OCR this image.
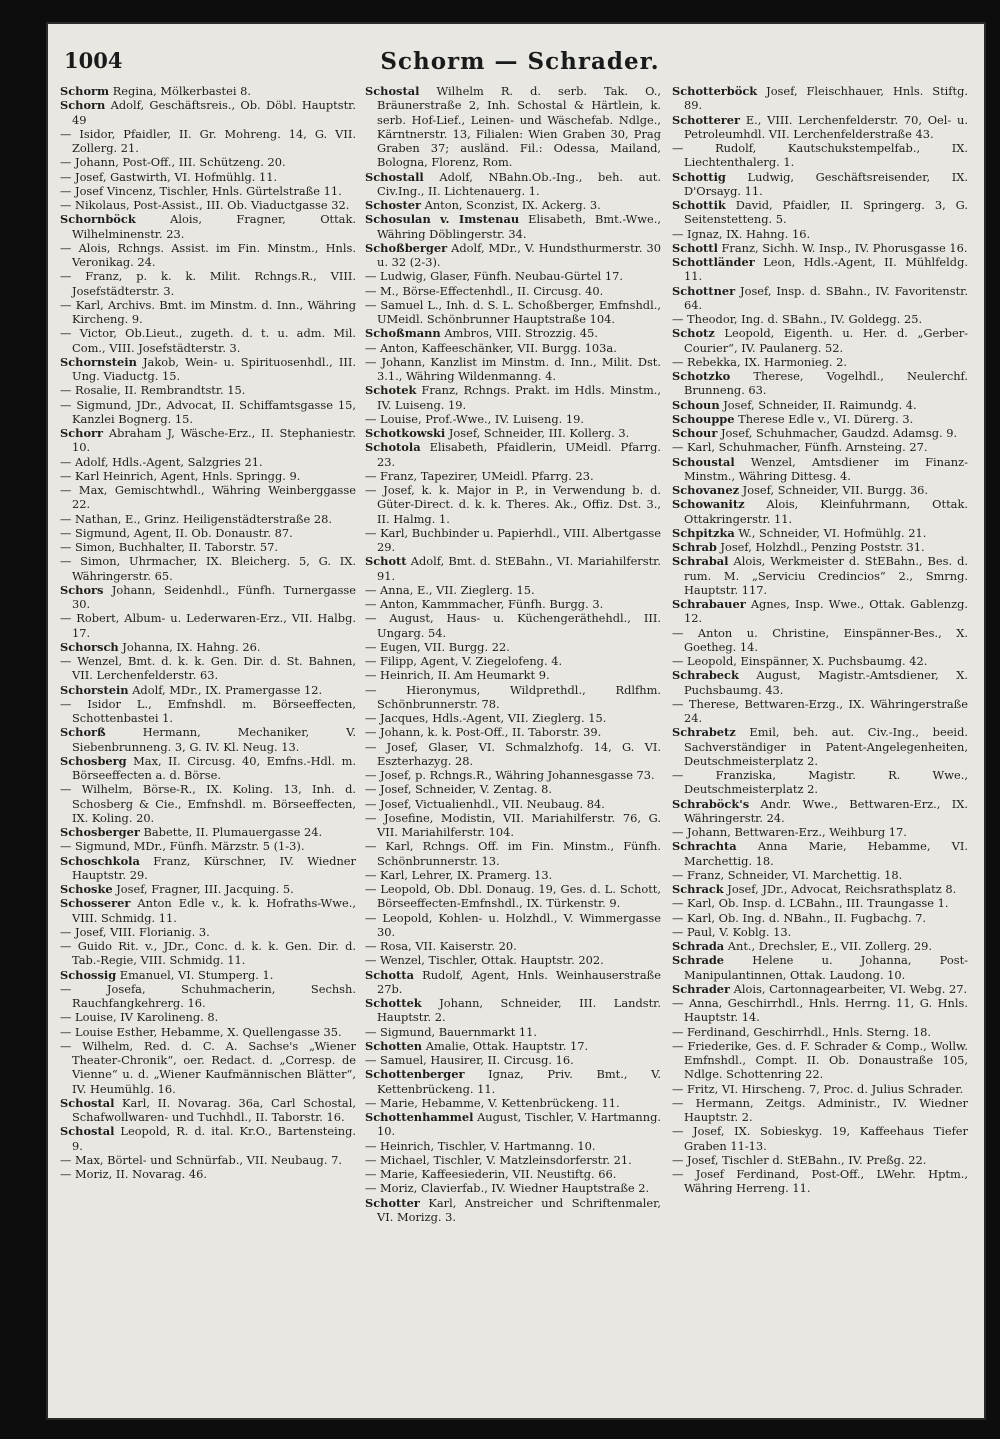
1004	Schorm — Schrader.
Schorm Regina, Mölkerbastei 8.
Schorn Adolf, Geschäftsreis., Ob. Döbl. Hauptstr. 49
— Isidor, Pfaidler, II. Gr. Mohreng. 14, G. VII. Zollerg. 21.
— Johann, Post-Off., III. Schützeng. 20.
— Josef, Gastwirth, VI. Hofmühlg. 11.
— Josef Vincenz, Tischler, Hnls. Gürtelstraße 11.
— Nikolaus, Post-Assist., III. Ob. Viaductgasse 32.
Schornböck Alois, Fragner, Ottak. Wilhelminenstr. 23.
— Alois, Rchngs. Assist. im Fin. Minstm., Hnls. Veronikag. 24.
— Franz, p. k. k. Milit. Rchngs.R., VIII. Josefstädterstr. 3.
— Karl, Archivs. Bmt. im Minstm. d. Inn., Währing Kircheng. 9.
— Victor, Ob.Lieut., zugeth. d. t. u. adm. Mil. Com., VIII. Josefstädterstr. 3.
Schornstein Jakob, Wein- u. Spirituosenhdl., III. Ung. Viaductg. 15.
— Rosalie, II. Rembrandtstr. 15.
— Sigmund, JDr., Advocat, II. Schiffamtsgasse 15, Kanzlei Bognerg. 15.
Schorr Abraham J, Wäsche-Erz., II. Stephaniestr. 10.
— Adolf, Hdls.-Agent, Salzgries 21.
— Karl Heinrich, Agent, Hnls. Springg. 9.
— Max, Gemischtwhdl., Währing Weinberggasse 22.
— Nathan, E., Grinz. Heiligenstädterstraße 28.
— Sigmund, Agent, II. Ob. Donaustr. 87.
— Simon, Buchhalter, II. Taborstr. 57.
— Simon, Uhrmacher, IX. Bleicherg. 5, G. IX. Währingerstr. 65.
Schors Johann, Seidenhdl., Fünfh. Turnergasse 30.
— Robert, Album- u. Lederwaren-Erz., VII. Halbg. 17.
Schorsch Johanna, IX. Hahng. 26.
— Wenzel, Bmt. d. k. k. Gen. Dir. d. St. Bahnen, VII. Lerchenfelderstr. 63.
Schorstein Adolf, MDr., IX. Pramergasse 12.
— Isidor L., Emfnshdl. m. Börseeffecten, Schottenbastei 1.
Schorß Hermann, Mechaniker, V. Siebenbrunneng. 3, G. IV. Kl. Neug. 13.
Schosberg Max, II. Circusg. 40, Emfns.-Hdl. m. Börseeffecten a. d. Börse.
— Wilhelm, Börse-R., IX. Koling. 13, Inh. d. Schosberg & Cie., Emfnshdl. m. Börseeffecten, IX. Koling. 20.
Schosberger Babette, II. Plumauergasse 24.
— Sigmund, MDr., Fünfh. Märzstr. 5 (1-3).
Schoschkola Franz, Kürschner, IV. Wiedner Hauptstr. 29.
Schoske Josef, Fragner, III. Jacquing. 5.
Schosserer Anton Edle v., k. k. Hofraths-Wwe., VIII. Schmidg. 11.
— Josef, VIII. Florianig. 3.
— Guido Rit. v., JDr., Conc. d. k. k. Gen. Dir. d. Tab.-Regie, VIII. Schmidg. 11.
Schossig Emanuel, VI. Stumperg. 1.
— Josefa, Schuhmacherin, Sechsh. Rauchfangkehrerg. 16.
— Louise, IV Karolineng. 8.
— Louise Esther, Hebamme, X. Quellengasse 35.
— Wilhelm, Red. d. C. A. Sachse's „Wiener Theater-Chronik“, oer. Redact. d. „Corresp. de Vienne“ u. d. „Wiener Kaufmännischen Blätter“, IV. Heumühlg. 16.
Schostal Karl, II. Novarag. 36a, Carl Schostal, Schafwollwaren- und Tuchhdl., II. Taborstr. 16.
Schostal Leopold, R. d. ital. Kr.O., Bartensteing. 9.
— Max, Börtel- und Schnürfab., VII. Neubaug. 7.
— Moriz, II. Novarag. 46.
Schostal Wilhelm R. d. serb. Tak. O., Bräunerstraße 2, Inh. Schostal & Härtlein, k. serb. Hof-Lief., Leinen- und Wäschefab. Ndlge., Kärntnerstr. 13, Filialen: Wien Graben 30, Prag Graben 37; ausländ. Fil.: Odessa, Mailand, Bologna, Florenz, Rom.
Schostall Adolf, NBahn.Ob.-Ing., beh. aut. Civ.Ing., II. Lichtenauerg. 1.
Schoster Anton, Sconzist, IX. Ackerg. 3.
Schosulan v. Imstenau Elisabeth, Bmt.-Wwe., Währing Döblingerstr. 34.
Schoßberger Adolf, MDr., V. Hundsthurmerstr. 30 u. 32 (2-3).
— Ludwig, Glaser, Fünfh. Neubau-Gürtel 17.
— M., Börse-Effectenhdl., II. Circusg. 40.
— Samuel L., Inh. d. S. L. Schoßberger, Emfnshdl., UMeidl. Schönbrunner Hauptstraße 104.
Schoßmann Ambros, VIII. Strozzig. 45.
— Anton, Kaffeeschänker, VII. Burgg. 103a.
— Johann, Kanzlist im Minstm. d. Inn., Milit. Dst. 3.1., Währing Wildenmanng. 4.
Schotek Franz, Rchngs. Prakt. im Hdls. Minstm., IV. Luiseng. 19.
— Louise, Prof.-Wwe., IV. Luiseng. 19.
Schotkowski Josef, Schneider, III. Kollerg. 3.
Schotola Elisabeth, Pfaidlerin, UMeidl. Pfarrg. 23.
— Franz, Tapezirer, UMeidl. Pfarrg. 23.
— Josef, k. k. Major in P., in Verwendung b. d. Güter-Direct. d. k. k. Theres. Ak., Offiz. Dst. 3., II. Halmg. 1.
— Karl, Buchbinder u. Papierhdl., VIII. Albertgasse 29.
Schott Adolf, Bmt. d. StEBahn., VI. Mariahilferstr. 91.
— Anna, E., VII. Zieglerg. 15.
— Anton, Kammmacher, Fünfh. Burgg. 3.
— August, Haus- u. Küchengeräthehdl., III. Ungarg. 54.
— Eugen, VII. Burgg. 22.
— Filipp, Agent, V. Ziegelofeng. 4.
— Heinrich, II. Am Heumarkt 9.
— Hieronymus, Wildprethdl., Rdlfhm. Schönbrunnerstr. 78.
— Jacques, Hdls.-Agent, VII. Zieglerg. 15.
— Johann, k. k. Post-Off., II. Taborstr. 39.
— Josef, Glaser, VI. Schmalzhofg. 14, G. VI. Eszterhazyg. 28.
— Josef, p. Rchngs.R., Währing Johannesgasse 73.
— Josef, Schneider, V. Zentag. 8.
— Josef, Victualienhdl., VII. Neubaug. 84.
— Josefine, Modistin, VII. Mariahilferstr. 76, G. VII. Mariahilferstr. 104.
— Karl, Rchngs. Off. im Fin. Minstm., Fünfh. Schönbrunnerstr. 13.
— Karl, Lehrer, IX. Pramerg. 13.
— Leopold, Ob. Dbl. Donaug. 19, Ges. d. L. Schott, Börseeffecten-Emfnshdl., IX. Türkenstr. 9.
— Leopold, Kohlen- u. Holzhdl., V. Wimmergasse 30.
— Rosa, VII. Kaiserstr. 20.
— Wenzel, Tischler, Ottak. Hauptstr. 202.
Schotta Rudolf, Agent, Hnls. Weinhauserstraße 27b.
Schottek Johann, Schneider, III. Landstr. Hauptstr. 2.
— Sigmund, Bauernmarkt 11.
Schotten Amalie, Ottak. Hauptstr. 17.
— Samuel, Hausirer, II. Circusg. 16.
Schottenberger Ignaz, Priv. Bmt., V. Kettenbrückeng. 11.
— Marie, Hebamme, V. Kettenbrückeng. 11.
Schottenhammel August, Tischler, V. Hartmanng. 10.
— Heinrich, Tischler, V. Hartmanng. 10.
— Michael, Tischler, V. Matzleinsdorferstr. 21.
— Marie, Kaffeesiederin, VII. Neustiftg. 66.
— Moriz, Clavierfab., IV. Wiedner Hauptstraße 2.
Schotter Karl, Anstreicher und Schriftenmaler, VI. Morizg. 3.
Schotterböck Josef, Fleischhauer, Hnls. Stiftg. 89.
Schotterer E., VIII. Lerchenfelderstr. 70, Oel- u. Petroleumhdl. VII. Lerchenfelderstraße 43.
— Rudolf, Kautschukstempelfab., IX. Liechtenthalerg. 1.
Schottig Ludwig, Geschäftsreisender, IX. D'Orsayg. 11.
Schottik David, Pfaidler, II. Springerg. 3, G. Seitenstetteng. 5.
— Ignaz, IX. Hahng. 16.
Schottl Franz, Sichh. W. Insp., IV. Phorusgasse 16.
Schottländer Leon, Hdls.-Agent, II. Mühlfeldg. 11.
Schottner Josef, Insp. d. SBahn., IV. Favoritenstr. 64.
— Theodor, Ing. d. SBahn., IV. Goldegg. 25.
Schotz Leopold, Eigenth. u. Her. d. „Gerber-Courier“, IV. Paulanerg. 52.
— Rebekka, IX. Harmonieg. 2.
Schotzko Therese, Vogelhdl., Neulerchf. Brunneng. 63.
Schoun Josef, Schneider, II. Raimundg. 4.
Schouppe Therese Edle v., VI. Dürerg. 3.
Schour Josef, Schuhmacher, Gaudzd. Adamsg. 9.
— Karl, Schuhmacher, Fünfh. Arnsteing. 27.
Schoustal Wenzel, Amtsdiener im Finanz-Minstm., Währing Dittesg. 4.
Schovanez Josef, Schneider, VII. Burgg. 36.
Schowanitz Alois, Kleinfuhrmann, Ottak. Ottakringerstr. 11.
Schpitzka W., Schneider, VI. Hofmühlg. 21.
Schrab Josef, Holzhdl., Penzing Poststr. 31.
Schrabal Alois, Werkmeister d. StEBahn., Bes. d. rum. M. „Serviciu Credincios“ 2., Smrng. Hauptstr. 117.
Schrabauer Agnes, Insp. Wwe., Ottak. Gablenzg. 12.
— Anton u. Christine, Einspänner-Bes., X. Goetheg. 14.
— Leopold, Einspänner, X. Puchsbaumg. 42.
Schrabeck August, Magistr.-Amtsdiener, X. Puchsbaumg. 43.
— Therese, Bettwaren-Erzg., IX. Währingerstraße 24.
Schrabetz Emil, beh. aut. Civ.-Ing., beeid. Sachverständiger in Patent-Angelegenheiten, Deutschmeisterplatz 2.
— Franziska, Magistr. R. Wwe., Deutschmeisterplatz 2.
Schraböck's Andr. Wwe., Bettwaren-Erz., IX. Währingerstr. 24.
— Johann, Bettwaren-Erz., Weihburg 17.
Schrachta Anna Marie, Hebamme, VI. Marchettig. 18.
— Franz, Schneider, VI. Marchettig. 18.
Schrack Josef, JDr., Advocat, Reichsrathsplatz 8.
— Karl, Ob. Insp. d. LCBahn., III. Traungasse 1.
— Karl, Ob. Ing. d. NBahn., II. Fugbachg. 7.
— Paul, V. Koblg. 13.
Schrada Ant., Drechsler, E., VII. Zollerg. 29.
Schrade Helene u. Johanna, Post-Manipulantinnen, Ottak. Laudong. 10.
Schrader Alois, Cartonnagearbeiter, VI. Webg. 27.
— Anna, Geschirrhdl., Hnls. Herrng. 11, G. Hnls. Hauptstr. 14.
— Ferdinand, Geschirrhdl., Hnls. Sterng. 18.
— Friederike, Ges. d. F. Schrader & Comp., Wollw. Emfnshdl., Compt. II. Ob. Donaustraße 105, Ndlge. Schottenring 22.
— Fritz, VI. Hirscheng. 7, Proc. d. Julius Schrader.
— Hermann, Zeitgs. Administr., IV. Wiedner Hauptstr. 2.
— Josef, IX. Sobieskyg. 19, Kaffeehaus Tiefer Graben 11-13.
— Josef, Tischler d. StEBahn., IV. Preßg. 22.
— Josef Ferdinand, Post-Off., LWehr. Hptm., Währing Herreng. 11.
